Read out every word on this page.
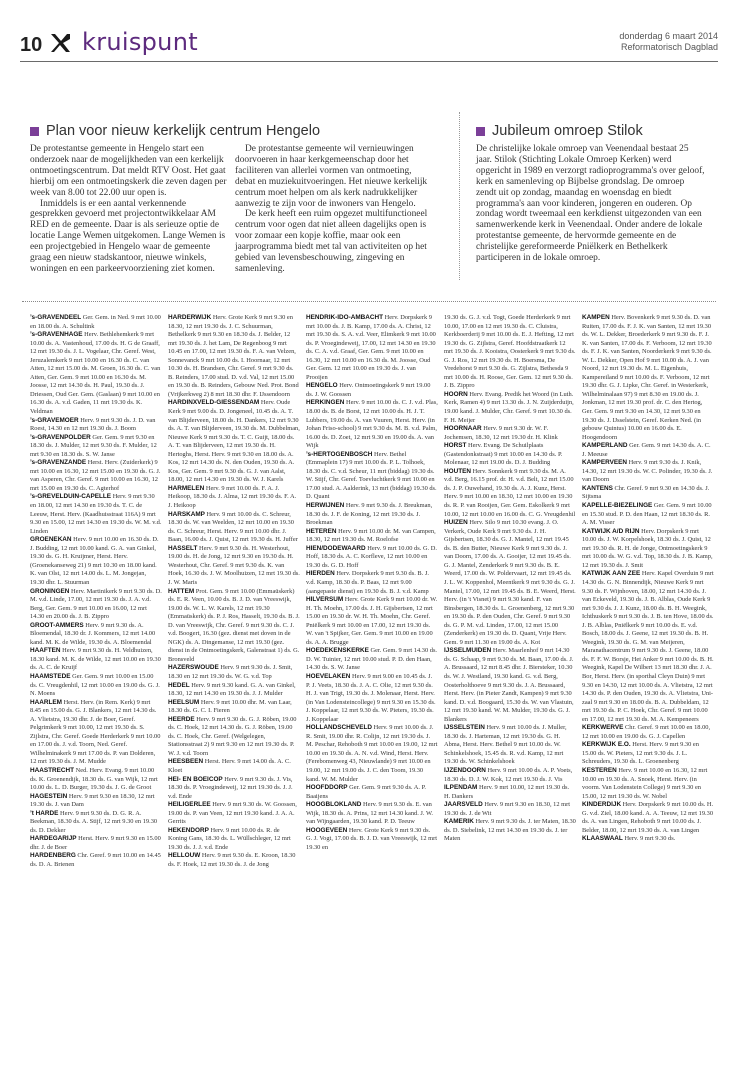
10 kruispunt	donderdag 6 maart 2014
Reformatorisch Dagblad
Plan voor nieuw kerkelijk centrum Hengelo

De protestantse gemeente in Hengelo start een onderzoek naar de mogelijkheden van een kerkelijk ontmoetingscentrum. Dat meldt RTV Oost. Het gaat hierbij om een ontmoetingskerk die zeven dagen per week van 8.00 tot 22.00 uur open is.

Inmiddels is er een aantal verkennende gesprekken gevoerd met projectontwikkelaar AM RED en de gemeente. Daar is als serieuze optie de locatie Lange Wemen uitgekomen. Lange Wemen is een projectgebied in Hengelo waar de gemeente graag een nieuw stadskantoor, nieuwe winkels, woningen en een parkeervoorziening ziet komen.

De protestantse gemeente wil vernieuwingen doorvoeren in haar kerkgemeenschap door het faciliteren van allerlei vormen van ontmoeting, debat en muziekuitvoeringen. Het nieuwe kerkelijk centrum moet helpen om als kerk nadrukkelijker aanwezig te zijn voor de inwoners van Hengelo.

De kerk heeft een ruim opgezet multifunctioneel centrum voor ogen dat niet alleen dagelijks open is voor zomaar een kopje koffie, maar ook een jaarprogramma biedt met tal van activiteiten op het gebied van levensbeschouwing, zingeving en samenleving.

Jubileum omroep Stilok

De christelijke lokale omroep van Veenendaal bestaat 25 jaar. Stilok (Stichting Lokale Omroep Kerken) werd opgericht in 1989 en verzorgt radioprogramma's over geloof, kerk en samenleving op Bijbelse grondslag. De omroep zendt uit op zondag, maandag en woensdag en biedt programma's aan voor kinderen, jongeren en ouderen. Op zondag wordt tweemaal een kerkdienst uitgezonden van een samenwerkende kerk in Veenendaal. Onder andere de lokale protestantse gemeente, de hervormde gemeente en de christelijke gereformeerde Pniëlkerk en Bethelkerk participeren in de lokale omroep.

’s-GRAVENDEEL Ger. Gem. in Ned. 9 mrt 10.00 en 18.00 ds. A. Schultink

’s-GRAVENHAGE Herv. Bethlehemkerk 9 mrt 10.00 ds. A. Vastenhoud, 17.00 ds. H. G de Graaff, 12 mrt 19.30 ds. J. L. Vogelaar, Chr. Geref. West, Jeruzalemkerk 9 mrt 10.00 en 16.30 ds. C. van Atten, 12 mrt 15.00 ds. M. Groen, 16.30 ds. C. van Atten, Ger. Gem. 9 mrt 10.00 en 16.30 ds. M. Joosse, 12 mrt 14.30 ds. H. Paul, 19.30 ds. J. Driessen, Oud Ger. Gem. (Gaslaan) 9 mrt 10.00 en 16.30 ds. A. v.d. Gaden, 11 mrt 19.30 ds. K. Veldman

’s-GRAVEMOER Herv. 9 mrt 9.30 ds. J. D. van Roest, 14.30 en 12 mrt 19.30 ds. J. Boom

’s-GRAVENPOLDER Ger. Gem. 9 mrt 9.30 en 18.30 ds. J. Mulder, 12 mrt 9.30 ds. F. Mulder, 12 mrt 9.30 en 18.30 ds. S. W. Janse

’s-GRAVENZANDE Herst. Herv. (Zuiderkerk) 9 mrt 10.00 en 16.30, 12 mrt 15.00 en 19.30 ds. G. J. van Asperen, Chr. Geref. 9 mrt 10.00 en 16.30, 12 mrt 15.00 en 19.30 ds. C. Agterhof

’s-GREVELDUIN-CAPELLE Herv. 9 mrt 9.30 en 18.00, 12 mrt 14.30 en 19.30 ds. T. C. de Leeuw, Herst. Herv. (Kaadhuisstraat 116A) 9 mrt 9.30 en 15.00, 12 mrt 14.30 en 19.30 ds. W. M. v.d. Linden

GROENEKAN Herv. 9 mrt 10.00 en 16.30 ds. D. J. Budding, 12 mrt 10.00 kand. G. A. van Ginkel, 19.30 ds. G. H. Kruijmer, Herst. Herv. (Groenekanseweg 21) 9 mrt 10.30 en 18.00 kand. K. van Olst, 12 mrt 14.00 ds. L. M. Jongejan, 19.30 dhr. L. Stuurman

GRONINGEN Herv. Martinikerk 9 mrt 9.30 ds. D. M. v.d. Linde, 17.00, 12 mrt 19.30 ds. J. A. v.d. Berg, Ger. Gem. 9 mrt 10.00 en 16.00, 12 mrt 14.30 en 20.00 ds. J. B. Zippro

GROOT-AMMERS Herv. 9 mrt 9.30 ds. A. Bloemendal, 18.30 dr. J. Kommers, 12 mrt 14.00 kand. M. K. de Wilde, 19.30 ds. A. Bloemendal

HAAFTEN Herv. 9 mrt 9.30 ds. H. Veldhuizen, 18.30 kand. M. K. de Wilde, 12 mrt 10.00 en 19.30 ds. A. C. de Kruijf

HAAMSTEDE Ger. Gem. 9 mrt 10.00 en 15.00 ds. C. Vreugdenhil, 12 mrt 10.00 en 19.00 ds. G. J. N. Moens

HAARLEM Herst. Herv. (in Rem. Kerk) 9 mrt 8.45 en 15.00 ds. G. J. Blankers, 12 mrt 14.30 ds. A. Vlietstra, 19.30 dhr. J. de Boer, Geref. Pelgrimkerk 9 mrt 10.00, 12 mrt 19.30 ds. S. Zijlstra, Chr. Geref. Goede Herderkerk 9 mrt 10.00 en 17.00 ds. J. v.d. Toorn, Ned. Geref. Wilhelminakerk 9 mrt 17.00 ds. P. van Dolderen, 12 mrt 19.30 ds. J. M. Mudde

HAASTRECHT Ned. Herv. Evang. 9 mrt 10.00 ds. K. Groenendijk, 18.30 ds. G. van Wijk, 12 mrt 10.00 ds. L. D. Burger, 19.30 ds. J. G. de Groot

HAGESTEIN Herv. 9 mrt 9.30 en 18.30, 12 mrt 19.30 ds. J. van Dam

’t HARDE Herv. 9 mrt 9.30 ds. D. G. R. A. Beekman, 18.30 ds. A. Stijf, 12 mrt 9.30 en 19.30 ds. D. Dekker

HARDEGARIJP Herst. Herv. 9 mrt 9.30 en 15.00 dhr. J. de Boer

HARDENBERG Chr. Geref. 9 mrt 10.00 en 14.45 ds. D. A. Brienen

HARDERWIJK Herv. Grote Kerk 9 mrt 9.30 en 18.30, 12 mrt 19.30 ds. J. C. Schuurman, Bethelkerk 9 mrt 9.30 en 18.30 ds. J. Belder, 12 mrt 19.30 ds. J. het Lam, De Regenboog 9 mrt 10.45 en 17.00, 12 mrt 19.30 ds. F. A. van Velzen, Sonnevanck 9 mrt 10.00 ds. I. Hoornaar, 12 mrt 10.30 ds. H. Brandsen, Chr. Geref. 9 mrt 9.30 ds. B. Reinders, 17.00 stud. D. v.d. Val, 12 mrt 15.00 en 19.30 ds. B. Reinders, Gebouw Ned. Prot. Bond (Vrijkerkweg 2) 8 mrt 18.30 dhr. F. IJssendoorn

HARDINXVELD-GIESSENDAM Herv. Oude Kerk 9 mrt 9.00 ds. D. Jongeneel, 10.45 ds. A. T. van Blijderveen, 18.00 ds. H. Dankers, 12 mrt 9.30 ds. A. T. van Blijderveen, 19.30 ds. M. Dubbelman, Nieuwe Kerk 9 mrt 9.30 ds. T. C. Guijt, 18.00 ds. A. T. van Blijderveen, 12 mrt 19.30 ds. H. Hertoghs, Herst. Herv. 9 mrt 9.30 en 18.00 ds. A. Kos, 12 mrt 14.30 ds. N. den Ouden, 19.30 ds. A. Kos, Ger. Gem. 9 mrt 9.30 ds. G. J. van Aalst, 18.00, 12 mrt 14.30 en 19.30 ds. W. J. Karels

HARMELEN Herv. 9 mrt 10.00 ds. F. A. J. Heikoop, 18.30 ds. J. Alma, 12 mrt 19.30 ds. F. A. J. Heikoop

HARSKAMP Herv. 9 mrt 10.00 ds. C. Schreur, 18.30 ds. W. van Weelden, 12 mrt 10.00 en 19.30 ds. C. Schreur, Herst. Herv. 9 mrt 10.00 dhr. J. Baan, 16.00 ds. J. Quist, 12 mrt 19.30 ds. H. Juffer

HASSELT Herv. 9 mrt 9.30 ds. H. Westerhout, 19.00 ds. H. de Jong, 12 mrt 9.30 en 19.30 ds. H. Westerhout, Chr. Geref. 9 mrt 9.30 ds. K. van Hoek, 16.30 ds. J. W. Moolhuizen, 12 mrt 19.30 ds. J. W. Maris

HATTEM Prot. Gem. 9 mrt 10.00 (Emmaüskerk) ds. E. R. Veen, 10.00 ds. B. J. D. van Vreeswijk, 19.00 ds. W. L. W. Karels, 12 mrt 19.30 (Emmaüskerk) ds. P. J. Ros, Hasselt, 19.30 ds. B. J. D. van Vreeswijk, Chr. Geref. 9 mrt 9.30 ds. C. J. v.d. Boogert, 16.30 (gez. dienst met doven in de NGK) ds. A. Dingemanse, 12 mrt 19.30 (gez. dienst in de Ontmoetingskerk, Galenstraat 1) ds. G. Bronsveld

HAZERSWOUDE Herv. 9 mrt 9.30 ds. J. Smit, 18.30 en 12 mrt 19.30 ds. W. G. v.d. Top

HEDEL Herv. 9 mrt 9.30 kand. G. A. van Ginkel, 18.30, 12 mrt 14.30 en 19.30 ds. J. J. Mulder

HEELSUM Herv. 9 mrt 10.00 dhr. M. van Laar, 18.30 ds. G. C. I. Fieren

HEERDE Herv. 9 mrt 9.30 ds. G. J. Röben, 19.00 ds. C. Hoek, 12 mrt 14.30 ds. G. J. Röben, 19.00 ds. C. Hoek, Chr. Geref. (Welgelegen, Stationsstraat 2) 9 mrt 9.30 en 12 mrt 19.30 ds. P. W. J. v.d. Toorn

HEESBEEN Herst. Herv. 9 mrt 14.00 ds. A. C. Kloet

HEI- EN BOEICOP Herv. 9 mrt 9.30 ds. J. Vis, 18.30 ds. P. Vroegindeweij, 12 mrt 19.30 ds. J. J. v.d. Ende

HEILIGERLEE Herv. 9 mrt 9.30 ds. W. Goossen, 19.00 ds. P. van Veen, 12 mrt 19.30 kand. J. A. A. Gerrits

HEKENDORP Herv. 9 mrt 10.00 ds. R. de Koning Gans, 18.30 ds. L. Wüllschleger, 12 mrt 19.30 ds. J. J. v.d. Ende

HELLOUW Herv. 9 mrt 9.30 ds. E. Kroon, 18.30 ds. F. Hoek, 12 mrt 19.30 ds. J. de Jong

HENDRIK-IDO-AMBACHT Herv. Dorpskerk 9 mrt 10.00 ds. J. B. Kamp, 17.00 ds. A. Christ, 12 mrt 19.30 ds. S. A. v.d. Veer, Elimkerk 9 mrt 10.00 ds. P. Vroegindeweij, 17.00, 12 mrt 14.30 en 19.30 ds. C. A. v.d. Graaf, Ger. Gem. 9 mrt 10.00 en 16.30, 12 mrt 10.00 en 16.30 ds. M. Joosse, Oud Ger. Gem. 12 mrt 10.00 en 19.30 ds. J. van Prooijen

HENGELO Herv. Ontmoetingskerk 9 mrt 19.00 ds. J. W. Goossen

HERKINGEN Herv. 9 mrt 10.00 ds. C. J. v.d. Plas, 18.00 ds. B. de Borst, 12 mrt 10.00 ds. H. J. T. Lubbers, 19.00 ds. A. van Vuuren, Herst. Herv. (in Johan Friso-school) 9 mrt 9.30 ds. M. B. v.d. Palm, 16.00 ds. D. Zoet, 12 mrt 9.30 en 19.00 ds. A. van Wijk

’s-HERTOGENBOSCH Herv. Bethel (Emmaplein 17) 9 mrt 10.00 ds. P. L. Tolhoek, 18.30 ds. C. v.d. Scheur, 11 mrt (biddag) 19.30 ds. W. Stijf, Chr. Geref. Toevluchtkerk 9 mrt 10.00 en 17.00 stud. A. Aalderink, 13 mrt (biddag) 19.30 ds. D. Quant

HERWIJNEN Herv. 9 mrt 9.30 ds. J. Breukman, 18.30 ds. J. F. de Koning, 12 mrt 19.30 ds. J. Broekman

HETEREN Herv. 9 mrt 10.00 dr. M. van Campen, 18.30, 12 mrt 19.30 ds. M. Roelofse

HIEN/DODEWAARD Herv. 9 mrt 10.00 ds. G. D. Hoff, 18.30 ds. A. C. Korfleve, 12 mrt 10.00 en 19.30 ds. G. D. Hoff

HIERDEN Herv. Dorpskerk 9 mrt 9.30 ds. B. J. v.d. Kamp, 18.30 ds. P. Baas, 12 mrt 9.00 (aangepaste dienst) en 19.30 ds. B. J. v.d. Kamp

HILVERSUM Herv. Grote Kerk 9 mrt 10.00 dr. W. H. Th. Moehn, 17.00 ds. J. H. Gijsbertsen, 12 mrt 15.00 en 19.30 dr. W. H. Th. Moehn, Chr. Geref. Pniëlkerk 9 mrt 10.00 en 17.00, 12 mrt 19.30 ds. W. van 't Spijker, Ger. Gem. 9 mrt 10.00 en 19.00 ds. A. A. Brugge

HOEDEKENSKERKE Ger. Gem. 9 mrt 14.30 ds. D. W. Tuinier, 12 mrt 10.00 stud. P. D. den Haan, 14.30 ds. S. W. Janse

HOEVELAKEN Herv. 9 mrt 9.00 en 10.45 ds. J. P. J. Veets, 18.30 ds. J. A. C. Olie, 12 mrt 9.30 ds. H. J. van Trigt, 19.30 ds. J. Molenaar, Herst. Herv. (in Van Lodensteincollege) 9 mrt 9.30 en 15.30 ds. J. Koppelaar, 12 mrt 9.30 ds. W. Pieters, 19.30 ds. J. Koppelaar

HOLLANDSCHEVELD Herv. 9 mrt 10.00 ds. J. R. Smit, 19.00 dhr. R. Colijn, 12 mrt 19.30 ds. J. M. Peschar, Rehoboth 9 mrt 10.00 en 19.00, 12 mrt 10.00 en 19.30 ds. A. N. v.d. Wind, Herst. Herv. (Ferebomenweg 43, Nieuwlande) 9 mrt 10.00 en 19.00, 12 mrt 19.00 ds. J. C. den Toom, 19.30 kand. W. M. Mulder

HOOFDDORP Ger. Gem. 9 mrt 9.30 ds. A. P. Baaijens

HOOGBLOKLAND Herv. 9 mrt 9.30 ds. E. van Wijk, 18.30 ds. A. Prins, 12 mrt 14.30 kand. J. W. van Wijngaarden, 19.30 kand. P. D. Teeuw

HOOGEVEEN Herv. Grote Kerk 9 mrt 9.30 ds. G. J. Vogt, 17.00 ds. B. J. D. van Vreeswijk, 12 mrt 19.30 en

19.30 ds. G. J. v.d. Togt, Goede Herderkerk 9 mrt 10.00, 17.00 en 12 mrt 19.30 ds. C. Cluistra, Kerkboerderij 9 mrt 10.00 ds. E. J. Hefting, 12 mrt 19.30 ds. G. Zijlstra, Geref. Hoofdstraatkerk 12 mrt 19.30 ds. J. Kooistra, Oosterkerk 9 mrt 9.30 ds. G. J. Ros, 12 mrt 19.30 ds. H. Boersma, De Vredehorst 9 mrt 9.30 ds. G. Zijlstra, Bethesda 9 mrt 10.00 ds. H. Roose, Ger. Gem. 12 mrt 9.30 ds. J. B. Zippro

HOORN Herv. Evang. Predik het Woord (in Luth. Kerk, Ramen 4) 9 mrt 13.30 ds. J. N. Zuijderduijn, 19.00 kand. J. Mulder, Chr. Geref. 9 mrt 10.30 ds. F. H. Meijer

HOORNAAR Herv. 9 mrt 9.30 dr. W. F. Jochemsen, 18.30, 12 mrt 19.30 dr. H. Klink

HORST Herv. Evang. De Schuilplaats (Gastendonkstraat) 9 mrt 10.00 en 14.30 ds. P. Molenaar, 12 mrt 19.00 ds. D. J. Budding

HOUTEN Herv. Sonnkerk 9 mrt 9.30 ds. M. A. v.d. Berg, 16.15 prof. dr. H. v.d. Belt, 12 mrt 15.00 ds. J. P. Ouwehand, 19.30 ds. A. J. Kunz, Herst. Herv. 9 mrt 10.00 en 18.30, 12 mrt 10.00 en 19.30 ds. R. P. van Rooijen, Ger. Gem. Eskolkerk 9 mrt 10.00, 12 mrt 10.00 en 16.00 ds. C. G. Vreugdenhil

HUIZEN Herv. Silo 9 mrt 10.30 evang. J. O. Verkerk, Oude Kerk 9 mrt 9.30 ds. J. H. Gijsbertsen, 18.30 ds. G. J. Mantel, 12 mrt 19.45 ds. B. den Butter, Nieuwe Kerk 9 mrt 9.30 ds. J. van Doorn, 17.00 ds. A. Gooijer, 12 mrt 19.45 ds. G. J. Mantel, Zenderkerk 9 mrt 9.30 ds. B. E. Weerd, 17.00 ds. W. Poldervaart, 12 mrt 19.45 ds. J. L. W. Koppenhol, Meentkerk 9 mrt 9.30 ds. G. J. Mantel, 17.00, 12 mrt 19.45 ds. B. E. Weerd, Herst. Herv. (in 't Visnet) 9 mrt 9.30 kand. F. van Binsbergen, 18.30 ds. L. Groenenberg, 12 mrt 9.30 en 19.30 ds. P. den Ouden, Chr. Geref. 9 mrt 9.30 ds. G. P. M. v.d. Linden, 17.00, 12 mrt 15.00 (Zenderkerk) en 19.30 ds. D. Quant, Vrije Herv. Gem. 9 mrt 11.30 en 19.00 ds. A. Kot

IJSSELMUIDEN Herv. Maarlenhof 9 mrt 14.30 ds. G. Schaap, 9 mrt 9.30 ds. M. Baan, 17.00 ds. J. A. Brussaard, 12 mrt 8.45 dhr. J. Biersteker, 10.30 ds. W. J. Westland, 19.30 kand. G. v.d. Berg, Oosterholthoeve 9 mrt 9.30 ds. J. A. Brussaard, Herst. Herv. (in Pieter Zandt, Kampen) 9 mrt 9.30 kand. D. v.d. Boogaard, 15.30 ds. W. van Vlastuin, 12 mrt 19.30 kand. W. M. Mulder, 19.30 ds. G. J. Blankers

IJSSELSTEIN Herv. 9 mrt 10.00 ds. J. Muller, 18.30 ds. J. Harteman, 12 mrt 19.30 ds. G. H. Abma, Herst. Herv. Bethel 9 mrt 10.00 ds. W. Schinkelshoek, 15.45 ds. R. v.d. Kamp, 12 mrt 19.30 ds. W. Schinkelshoek

IJZENDOORN Herv. 9 mrt 10.00 ds. A. P. Voets, 18.30 ds. D. J. W. Kok, 12 mrt 19.30 ds. J. Vis

ILPENDAM Herv. 9 mrt 10.00, 12 mrt 19.30 ds. H. Dankers

JAARSVELD Herv. 9 mrt 9.30 en 18.30, 12 mrt 19.30 ds. J. de Wit

KAMERIK Herv. 9 mrt 9.30 ds. J. ter Maten, 18.30 ds. D. Siebelink, 12 mrt 14.30 en 19.30 ds. J. ter Maten

KAMPEN Herv. Bovenkerk 9 mrt 9.30 ds. D. van Ruiten, 17.00 ds. F. J. K. van Santen, 12 mrt 19.30 ds. W. L. Dekker, Broederkerk 9 mrt 9.30 ds. F. J. K. van Santen, 17.00 ds. F. Verboom, 12 mrt 19.30 ds. F. J. K. van Santen, Noorderkerk 9 mrt 9.30 ds. W. L. Dekker, Open Hof 9 mrt 10.00 ds. A. J. van Noord, 12 mrt 19.30 ds. M. L. Eigenhuis, Kampereiland 9 mrt 10.00 ds. F. Verboom, 12 mrt 19.30 dhr. G. J. Lipke, Chr. Geref. in Westerkerk, Wilhelminalaan 97) 9 mrt 8.30 en 19.00 ds. J. Jonkman, 12 mrt 19.30 prof. dr. C. den Hertog, Ger. Gem. 9 mrt 9.30 en 14.30, 12 mrt 9.30 en 19.30 ds. J. IJsselstein, Geref. Kerken Ned. (in gebouw Quintus) 10.00 en 16.00 ds. E. Hoogendoorn

KAMPERLAND Ger. Gem. 9 mrt 14.30 ds. A. C. J. Meeuse

KAMPERVEEN Herv. 9 mrt 9.30 ds. J. Knik, 14.30, 12 mrt 19.30 ds. W. C. Polinder, 19.30 ds. J. van Doorn

KANTENS Chr. Geref. 9 mrt 9.30 en 14.30 ds. J. Sijtsma

KAPELLE-BIEZELINGE Ger. Gem. 9 mrt 10.00 en 15.30 stud. P. D. den Haan, 12 mrt 18.30 ds. R. A. M. Visser

KATWIJK A/D RIJN Herv. Dorpskerk 9 mrt 10.00 ds. J. W. Korpelshoek, 18.30 ds. J. Quist, 12 mrt 19.30 ds. R. H. de Jonge, Ontmoetingskerk 9 mrt 10.00 ds. W. G. v.d. Top, 18.30 ds. J. B. Kamp, 12 mrt 19.30 ds. J. Smit

KATWIJK AAN ZEE Herv. Kapel Overduin 9 mrt 14.30 ds. G. N. Binnendijk, Nieuwe Kerk 9 mrt 9.30 ds. F. Wijnhoven, 18.00, 12 mrt 14.30 ds. J. van Eckeveld, 19.30 ds. J. B. Alblas, Oude Kerk 9 mrt 9.30 ds. J. J. Kunz, 18.00 ds. B. H. Weegink, Ichthuskerk 9 mrt 9.30 ds. J. B. ten Hove, 18.00 ds. J. B. Alblas, Pniëlkerk 9 mrt 10.00 ds. E. v.d. Bosch, 18.00 ds. J. Geene, 12 mrt 19.30 ds. B. H. Weegink, 19.30 ds. G. M. van Meijeren, Maranathacentrum 9 mrt 9.30 ds. J. Geene, 18.00 ds. F. F. W. Borsje, Het Anker 9 mrt 10.00 ds. B. H. Weegink, Kapel De Wilbert 13 mrt 18.30 dhr. J. A. Bor, Herst. Herv. (in sporthal Cleyn Duin) 9 mrt 9.30 en 14.30, 12 mrt 10.00 ds. A. Vlietstra, 12 mrt 14.30 ds. P. den Ouden, 19.30 ds. A. Vlietstra, Uni-zaal 9 mrt 9.30 en 18.00 ds. B. A. Dubbeldam, 12 mrt 19.30 ds. P. C. Hoek, Chr. Geref. 9 mrt 10.00 en 17.00, 12 mrt 19.30 ds. M. A. Kempeneers

KERKWERVE Chr. Geref. 9 mrt 10.00 en 18.00, 12 mrt 10.00 en 19.00 ds. G. J. Capellen

KERKWIJK E.O. Herst. Herv. 9 mrt 9.30 en 15.00 ds. W. Pieters, 12 mrt 9.30 ds. J. L. Schreuders, 19.30 ds. L. Groenenberg

KESTEREN Herv. 9 mrt 10.00 en 16.30, 12 mrt 10.00 en 19.30 ds. A. Snoek, Herst. Herv. (in voorm. Van Lodenstein College) 9 mrt 9.30 en 15.00, 12 mrt 19.30 ds. W. Nobel

KINDERDIJK Herv. Dorpskerk 9 mrt 10.00 ds. H. G. v.d. Ziel, 18.00 kand. A. A. Teeuw, 12 mrt 19.30 ds. A. van Lingen, Rehoboth 9 mrt 10.00 ds. J. Belder, 18.00, 12 mrt 19.30 ds. A. van Lingen

KLAASWAAL Herv. 9 mrt 9.30 ds.
